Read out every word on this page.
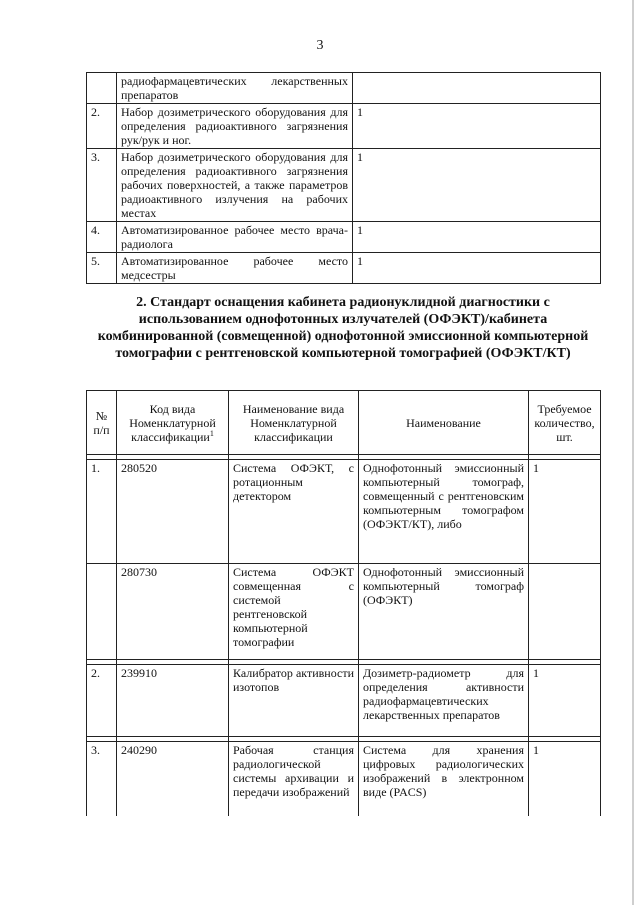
3
	радиофармацевтических лекарственных препаратов	
2.	Набор дозиметрического оборудования для определения радиоактивного загрязнения рук/рук и ног.	1
3.	Набор дозиметрического оборудования для определения радиоактивного загрязнения рабочих поверхностей, а также параметров радиоактивного излучения на рабочих местах	1
4.	Автоматизированное рабочее место врача-радиолога	1
5.	Автоматизированное рабочее место медсестры	1
2. Стандарт оснащения кабинета радионуклидной диагностики с использованием однофотонных излучателей (ОФЭКТ)/кабинета комбинированной (совмещенной) однофотонной эмиссионной компьютерной томографии с рентгеновской компьютерной томографией (ОФЭКТ/КТ)
№ п/п	Код вида Номенклатурной классификации$^1$	Наименование вида Номенклатурной классификации	Наименование	Требуемое количество, шт.

1.	280520	Система ОФЭКТ, с ротационным детектором	Однофотонный эмиссионный компьютерный томограф, совмещенный с рентгеновским компьютерным томографом (ОФЭКТ/КТ), либо	1
	280730	Система ОФЭКТ совмещенная с системой рентгеновской компьютерной томографии	Однофотонный эмиссионный компьютерный томограф (ОФЭКТ)	

2.	239910	Калибратор активности изотопов	Дозиметр-радиометр для определения активности радиофармацевтических лекарственных препаратов	1

3.	240290	Рабочая станция радиологической системы архивации и передачи изображений	Система для хранения цифровых радиологических изображений в электронном виде (PACS)	1
